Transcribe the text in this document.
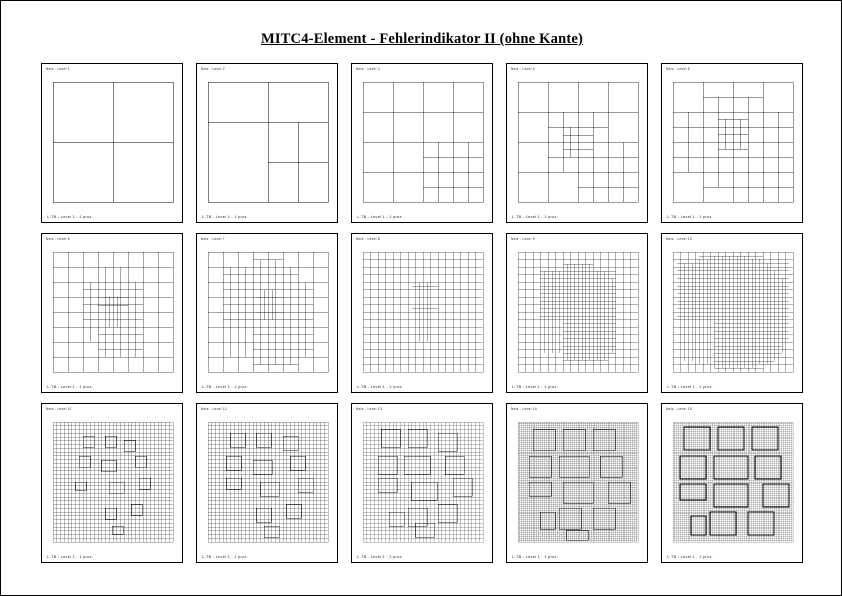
MITC4-Element - Fehlerindikator II (ohne Kante)
Netz - Level 1
L-TB - Level 1 - 1 proz.
Netz - Level 2
L-TB - Level 1 - 1 proz.
Netz - Level 3
L-TB - Level 1 - 1 proz.
Netz - Level 4
L-TB - Level 1 - 1 proz.
Netz - Level 5
L-TB - Level 1 - 1 proz.
Netz - Level 6
L-TB - Level 1 - 1 proz.
Netz - Level 7
L-TB - Level 1 - 1 proz.
Netz - Level 8
L-TB - Level 1 - 1 proz.
Netz - Level 9
L-TB - Level 1 - 1 proz.
Netz - Level 10
L-TB - Level 1 - 1 proz.
Netz - Level 11
L-TB - Level 1 - 1 proz.
Netz - Level 12
L-TB - Level 1 - 1 proz.
Netz - Level 13
L-TB - Level 1 - 1 proz.
Netz - Level 14
L-TB - Level 1 - 1 proz.
Netz - Level 15
L-TB - Level 1 - 1 proz.
